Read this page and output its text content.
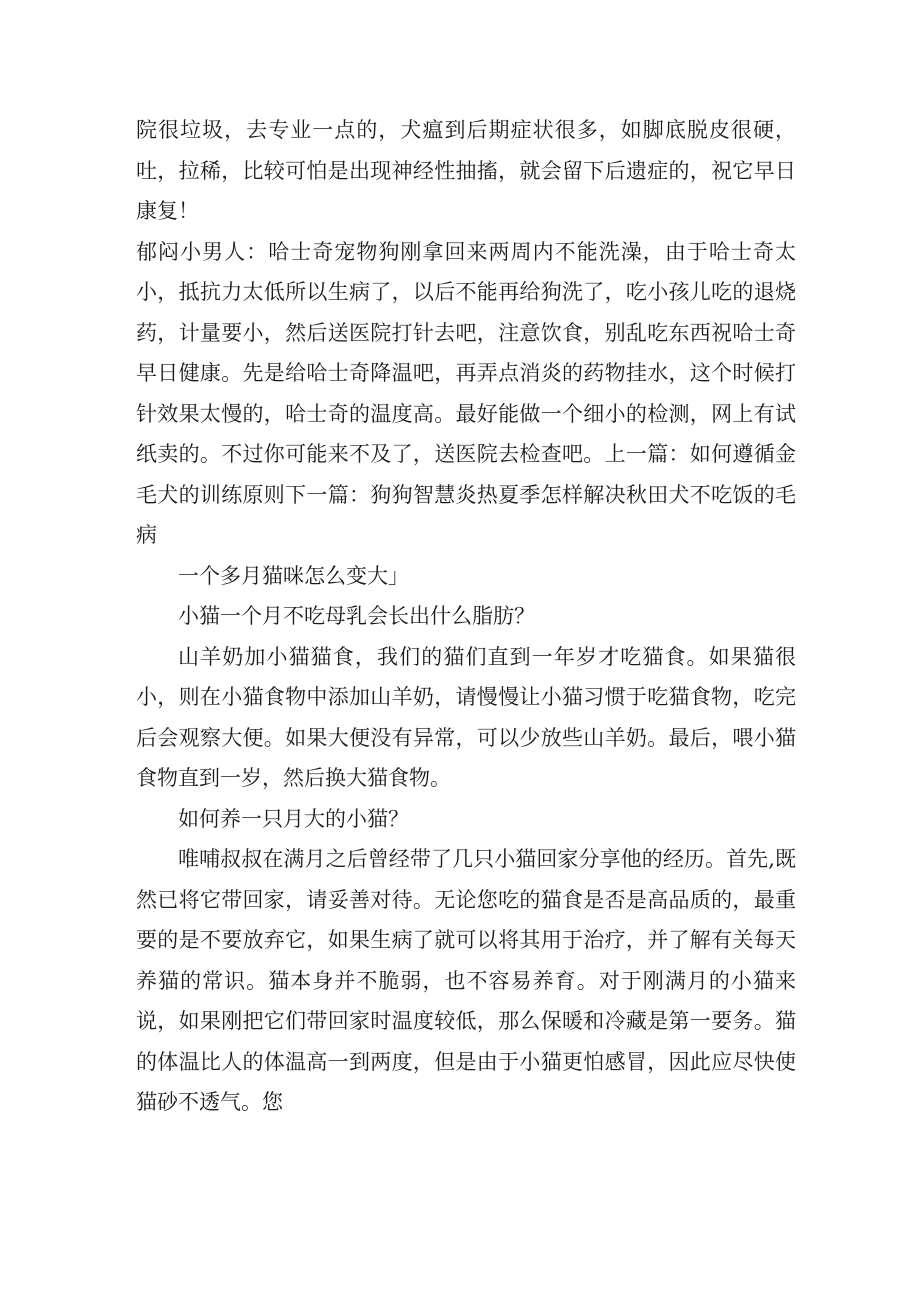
院很垃圾，去专业一点的，犬瘟到后期症状很多，如脚底脱皮很硬，吐，拉稀，比较可怕是出现神经性抽搐，就会留下后遗症的，祝它早日康复！

郁闷小男人：哈士奇宠物狗刚拿回来两周内不能洗澡，由于哈士奇太小，抵抗力太低所以生病了，以后不能再给狗洗了，吃小孩儿吃的退烧药，计量要小，然后送医院打针去吧，注意饮食，别乱吃东西祝哈士奇早日健康。先是给哈士奇降温吧，再弄点消炎的药物挂水，这个时候打针效果太慢的，哈士奇的温度高。最好能做一个细小的检测，网上有试纸卖的。不过你可能来不及了，送医院去检查吧。上一篇：如何遵循金毛犬的训练原则下一篇：狗狗智慧炎热夏季怎样解决秋田犬不吃饭的毛病

一个多月猫咪怎么变大」

小猫一个月不吃母乳会长出什么脂肪？

山羊奶加小猫猫食，我们的猫们直到一年岁才吃猫食。如果猫很小，则在小猫食物中添加山羊奶，请慢慢让小猫习惯于吃猫食物，吃完后会观察大便。如果大便没有异常，可以少放些山羊奶。最后，喂小猫食物直到一岁，然后换大猫食物。

如何养一只月大的小猫？

唯哺叔叔在满月之后曾经带了几只小猫回家分享他的经历。首先,既然已将它带回家，请妥善对待。无论您吃的猫食是否是高品质的，最重要的是不要放弃它，如果生病了就可以将其用于治疗，并了解有关每天养猫的常识。猫本身并不脆弱，也不容易养育。对于刚满月的小猫来说，如果刚把它们带回家时温度较低，那么保暖和冷藏是第一要务。猫的体温比人的体温高一到两度，但是由于小猫更怕感冒，因此应尽快使猫砂不透气。您
